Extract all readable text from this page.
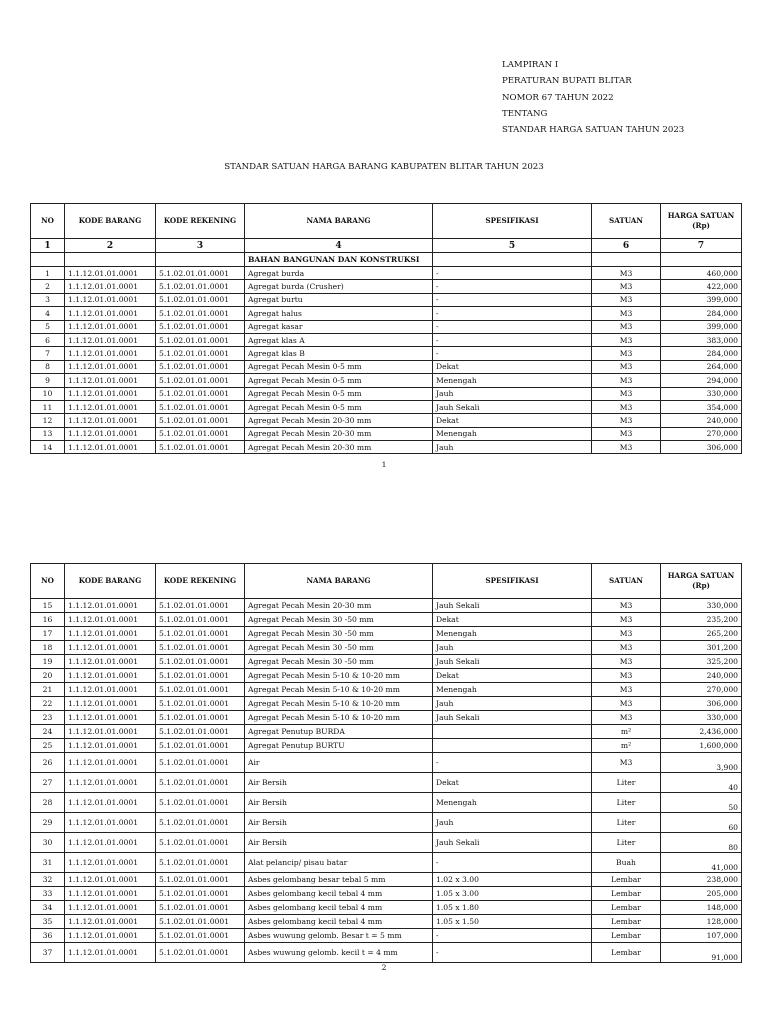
LAMPIRAN I
PERATURAN BUPATI BLITAR
NOMOR 67 TAHUN 2022
TENTANG
STANDAR HARGA SATUAN TAHUN 2023
STANDAR SATUAN HARGA BARANG KABUPATEN BLITAR TAHUN 2023
NO	KODE BARANG	KODE REKENING	NAMA BARANG	SPESIFIKASI	SATUAN	HARGA SATUAN (Rp)
1	2	3	4	5	6	7
			BAHAN BANGUNAN DAN KONSTRUKSI			
1	1.1.12.01.01.0001	5.1.02.01.01.0001	Agregat burda	-	M3	460,000
2	1.1.12.01.01.0001	5.1.02.01.01.0001	Agregat burda (Crusher)	-	M3	422,000
3	1.1.12.01.01.0001	5.1.02.01.01.0001	Agregat burtu	-	M3	399,000
4	1.1.12.01.01.0001	5.1.02.01.01.0001	Agregat halus	-	M3	284,000
5	1.1.12.01.01.0001	5.1.02.01.01.0001	Agregat kasar	-	M3	399,000
6	1.1.12.01.01.0001	5.1.02.01.01.0001	Agregat klas A	-	M3	383,000
7	1.1.12.01.01.0001	5.1.02.01.01.0001	Agregat klas B	-	M3	284,000
8	1.1.12.01.01.0001	5.1.02.01.01.0001	Agregat Pecah Mesin 0-5 mm	Dekat	M3	264,000
9	1.1.12.01.01.0001	5.1.02.01.01.0001	Agregat Pecah Mesin 0-5 mm	Menengah	M3	294,000
10	1.1.12.01.01.0001	5.1.02.01.01.0001	Agregat Pecah Mesin 0-5 mm	Jauh	M3	330,000
11	1.1.12.01.01.0001	5.1.02.01.01.0001	Agregat Pecah Mesin 0-5 mm	Jauh Sekali	M3	354,000
12	1.1.12.01.01.0001	5.1.02.01.01.0001	Agregat Pecah Mesin 20-30 mm	Dekat	M3	240,000
13	1.1.12.01.01.0001	5.1.02.01.01.0001	Agregat Pecah Mesin 20-30 mm	Menengah	M3	270,000
14	1.1.12.01.01.0001	5.1.02.01.01.0001	Agregat Pecah Mesin 20-30 mm	Jauh	M3	306,000
1
NO	KODE BARANG	KODE REKENING	NAMA BARANG	SPESIFIKASI	SATUAN	HARGA SATUAN (Rp)
15	1.1.12.01.01.0001	5.1.02.01.01.0001	Agregat Pecah Mesin 20-30 mm	Jauh Sekali	M3	330,000
16	1.1.12.01.01.0001	5.1.02.01.01.0001	Agregat Pecah Mesin 30 -50 mm	Dekat	M3	235,200
17	1.1.12.01.01.0001	5.1.02.01.01.0001	Agregat Pecah Mesin 30 -50 mm	Menengah	M3	265,200
18	1.1.12.01.01.0001	5.1.02.01.01.0001	Agregat Pecah Mesin 30 -50 mm	Jauh	M3	301,200
19	1.1.12.01.01.0001	5.1.02.01.01.0001	Agregat Pecah Mesin 30 -50 mm	Jauh Sekali	M3	325,200
20	1.1.12.01.01.0001	5.1.02.01.01.0001	Agregat Pecah Mesin 5-10 & 10-20 mm	Dekat	M3	240,000
21	1.1.12.01.01.0001	5.1.02.01.01.0001	Agregat Pecah Mesin 5-10 & 10-20 mm	Menengah	M3	270,000
22	1.1.12.01.01.0001	5.1.02.01.01.0001	Agregat Pecah Mesin 5-10 & 10-20 mm	Jauh	M3	306,000
23	1.1.12.01.01.0001	5.1.02.01.01.0001	Agregat Pecah Mesin 5-10 & 10-20 mm	Jauh Sekali	M3	330,000
24	1.1.12.01.01.0001	5.1.02.01.01.0001	Agregat Penutup BURDA		m²	2,436,000
25	1.1.12.01.01.0001	5.1.02.01.01.0001	Agregat Penutup BURTU		m²	1,600,000
26	1.1.12.01.01.0001	5.1.02.01.01.0001	Air	-	M3	3,900
27	1.1.12.01.01.0001	5.1.02.01.01.0001	Air Bersih	Dekat	Liter	40
28	1.1.12.01.01.0001	5.1.02.01.01.0001	Air Bersih	Menengah	Liter	50
29	1.1.12.01.01.0001	5.1.02.01.01.0001	Air Bersih	Jauh	Liter	60
30	1.1.12.01.01.0001	5.1.02.01.01.0001	Air Bersih	Jauh Sekali	Liter	80
31	1.1.12.01.01.0001	5.1.02.01.01.0001	Alat pelancip/ pisau batar	-	Buah	41,000
32	1.1.12.01.01.0001	5.1.02.01.01.0001	Asbes gelombang besar tebal 5 mm	1.02 x 3.00	Lembar	238,000
33	1.1.12.01.01.0001	5.1.02.01.01.0001	Asbes gelombang kecil tebal 4 mm	1.05 x 3.00	Lembar	205,000
34	1.1.12.01.01.0001	5.1.02.01.01.0001	Asbes gelombang kecil tebal 4 mm	1.05 x 1.80	Lembar	148,000
35	1.1.12.01.01.0001	5.1.02.01.01.0001	Asbes gelombang kecil tebal 4 mm	1.05 x 1.50	Lembar	128,000
36	1.1.12.01.01.0001	5.1.02.01.01.0001	Asbes wuwung gelomb. Besar t = 5 mm	-	Lembar	107,000
37	1.1.12.01.01.0001	5.1.02.01.01.0001	Asbes wuwung gelomb. kecil t = 4 mm	-	Lembar	91,000
2
